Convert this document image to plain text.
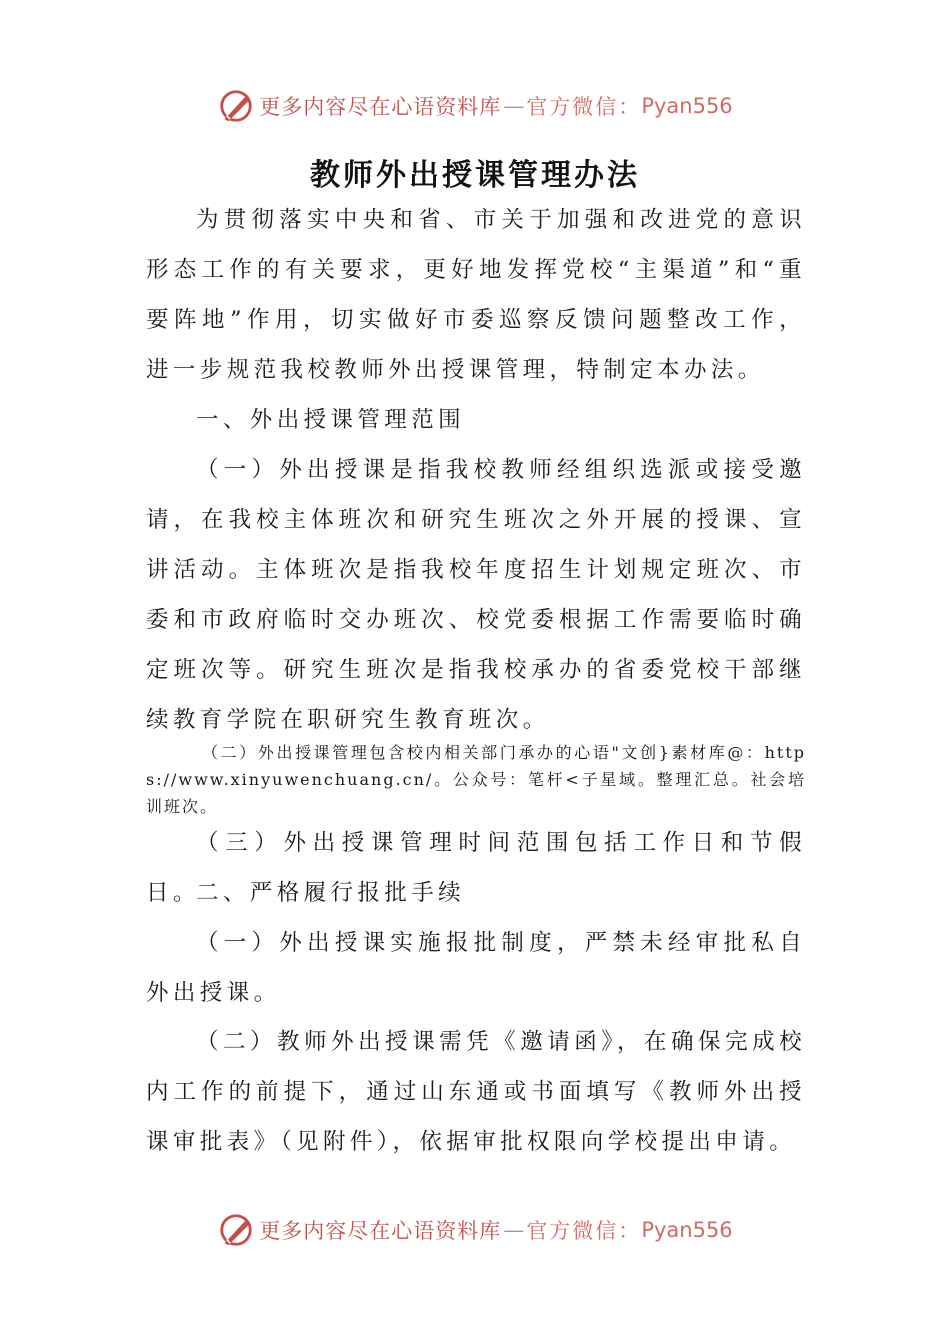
更多内容尽在心语资料库 — 官方微信： Pyan556
教师外出授课管理办法

为贯彻落实中央和省、市关于加强和改进党的意识形态工作的有关要求，更好地发挥党校“主渠道”和“重要阵地”作用，切实做好市委巡察反馈问题整改工作，进一步规范我校教师外出授课管理，特制定本办法。

一、外出授课管理范围

（一）外出授课是指我校教师经组织选派或接受邀请，在我校主体班次和研究生班次之外开展的授课、宣讲活动。主体班次是指我校年度招生计划规定班次、市委和市政府临时交办班次、校党委根据工作需要临时确定班次等。研究生班次是指我校承办的省委党校干部继续教育学院在职研究生教育班次。

（二）外出授课管理包含校内相关部门承办的心语"文创}素材库@：https://www.xinyuwenchuang.cn/。公众号：笔杆<子星域。整理汇总。社会培训班次。

（三）外出授课管理时间范围包括工作日和节假日。

二、严格履行报批手续

（一）外出授课实施报批制度，严禁未经审批私自外出授课。

（二）教师外出授课需凭《邀请函》，在确保完成校内工作的前提下，通过山东通或书面填写《教师外出授课审批表》（见附件），依据审批权限向学校提出申请。

更多内容尽在心语资料库 — 官方微信： Pyan556
